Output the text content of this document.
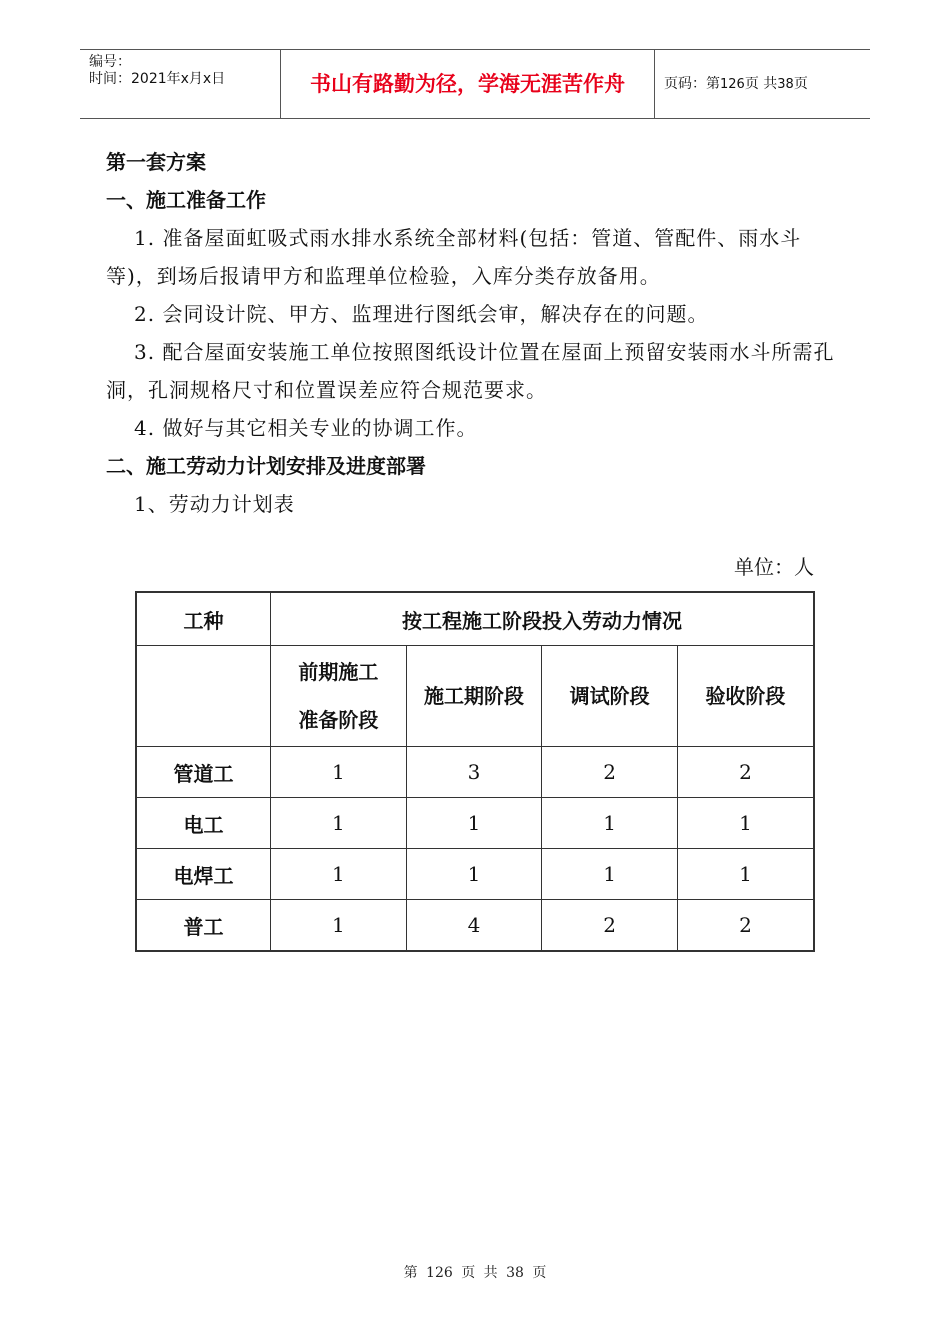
编号：
时间：2021年x月x日	书山有路勤为径，学海无涯苦作舟	页码：第126页 共38页

第一套方案

一、施工准备工作

1. 准备屋面虹吸式雨水排水系统全部材料(包括：管道、管配件、雨水斗等)，到场后报请甲方和监理单位检验，入库分类存放备用。

2. 会同设计院、甲方、监理进行图纸会审，解决存在的问题。

3. 配合屋面安装施工单位按照图纸设计位置在屋面上预留安装雨水斗所需孔洞，孔洞规格尺寸和位置误差应符合规范要求。

4. 做好与其它相关专业的协调工作。

二、施工劳动力计划安排及进度部署

1、劳动力计划表

单位：人
工种	按工程施工阶段投入劳动力情况			
	前期施工准备阶段	施工期阶段	调试阶段	验收阶段
管道工	1	3	2	2
电工	1	1	1	1
电焊工	1	1	1	1
普工	1	4	2	2
第 126 页 共 38 页
